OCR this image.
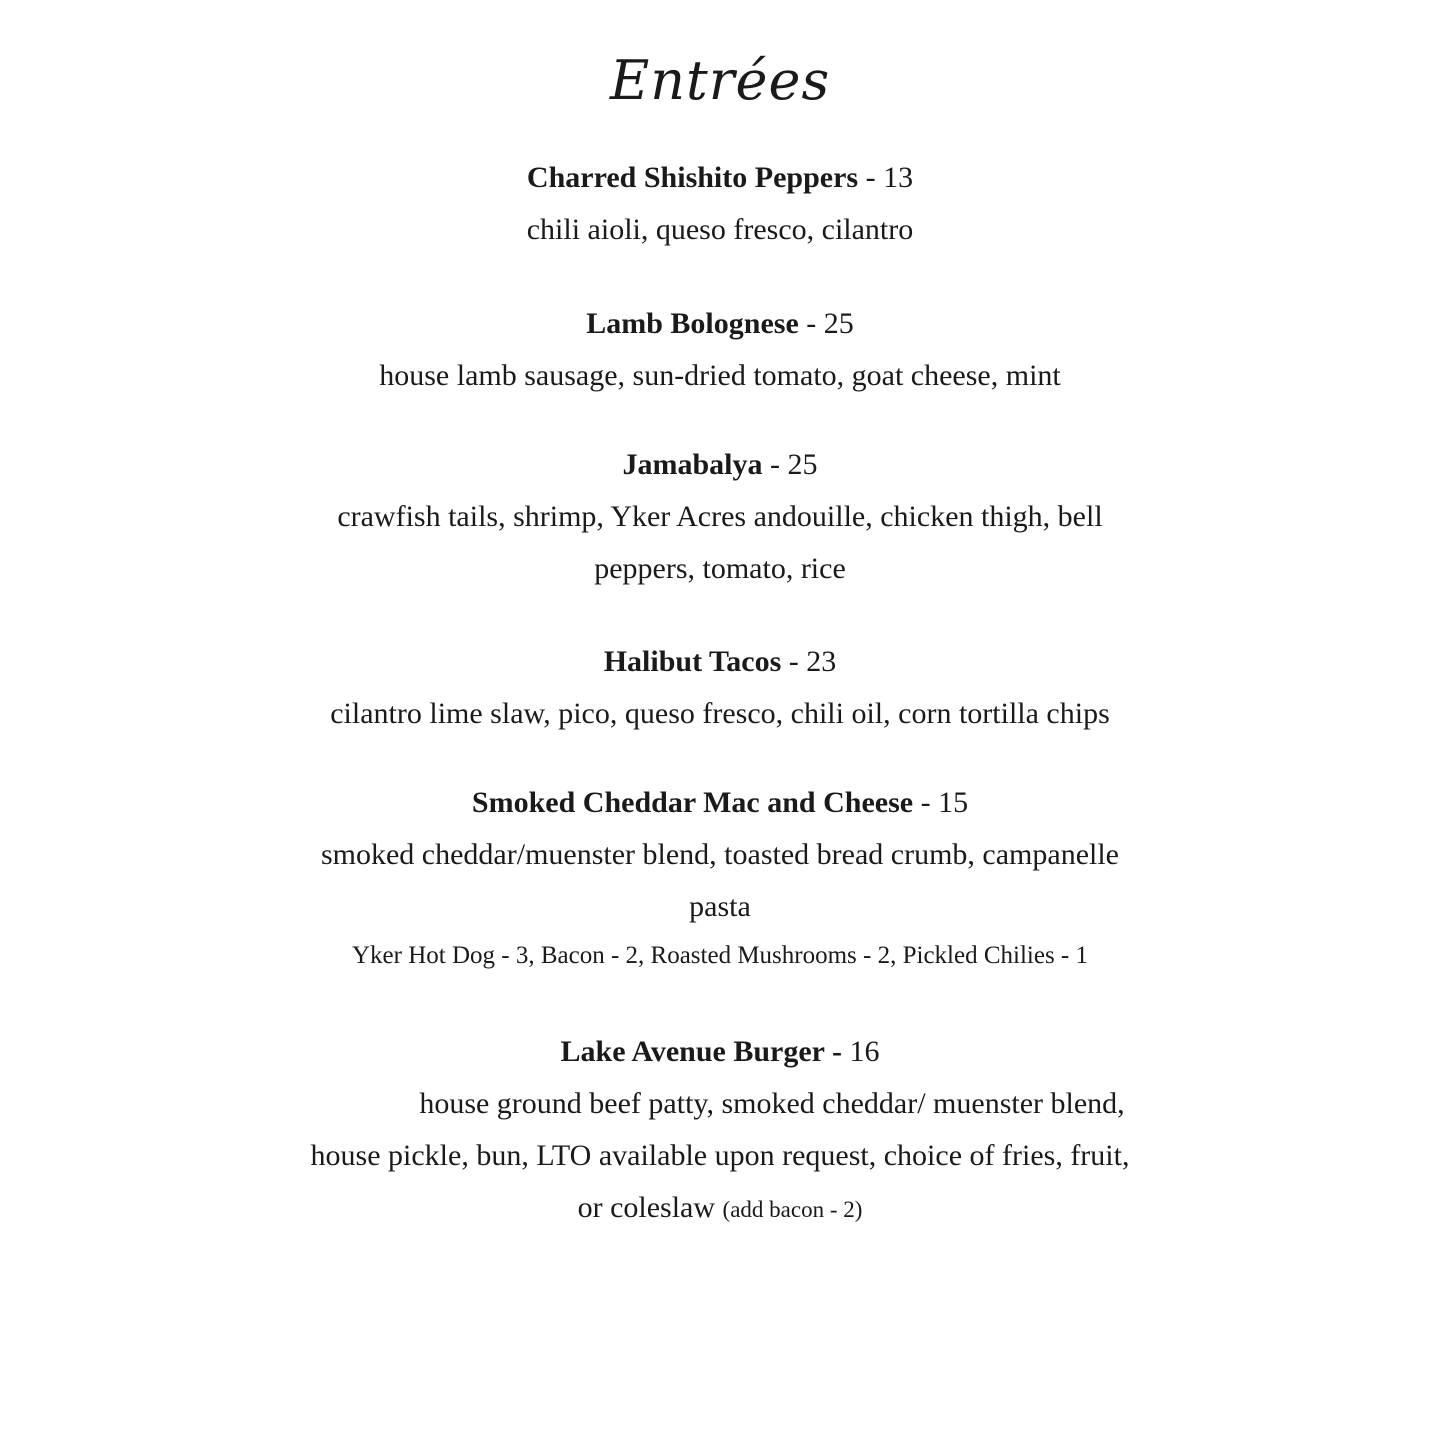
Entrées
Charred Shishito Peppers - 13
chili aioli, queso fresco, cilantro
Lamb Bolognese - 25
house lamb sausage, sun-dried tomato, goat cheese, mint
Jamabalya - 25
crawfish tails, shrimp, Yker Acres andouille, chicken thigh, bell
peppers, tomato, rice
Halibut Tacos - 23
cilantro lime slaw, pico, queso fresco, chili oil, corn tortilla chips
Smoked Cheddar Mac and Cheese - 15
smoked cheddar/muenster blend, toasted bread crumb, campanelle
pasta
Yker Hot Dog - 3, Bacon - 2, Roasted Mushrooms - 2, Pickled Chilies - 1
Lake Avenue Burger - 16
house ground beef patty, smoked cheddar/ muenster blend,
house pickle, bun, LTO available upon request, choice of fries, fruit,
or coleslaw (add bacon - 2)
